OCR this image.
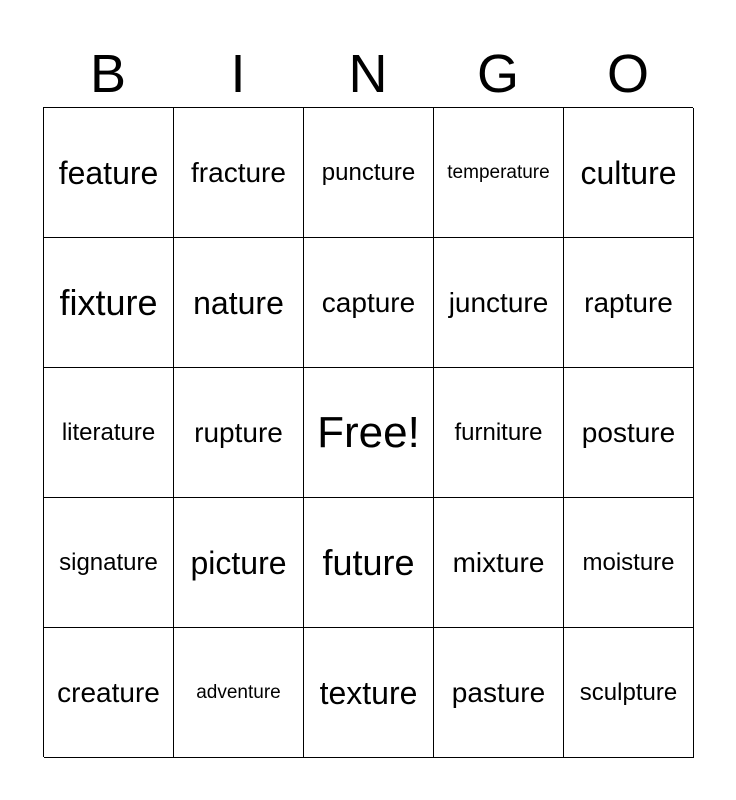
B	I	N	G	O
feature fracture puncture temperature culture
fixture nature capture juncture rapture
literature rupture Free! furniture posture
signature picture future mixture moisture
creature adventure texture pasture sculpture
